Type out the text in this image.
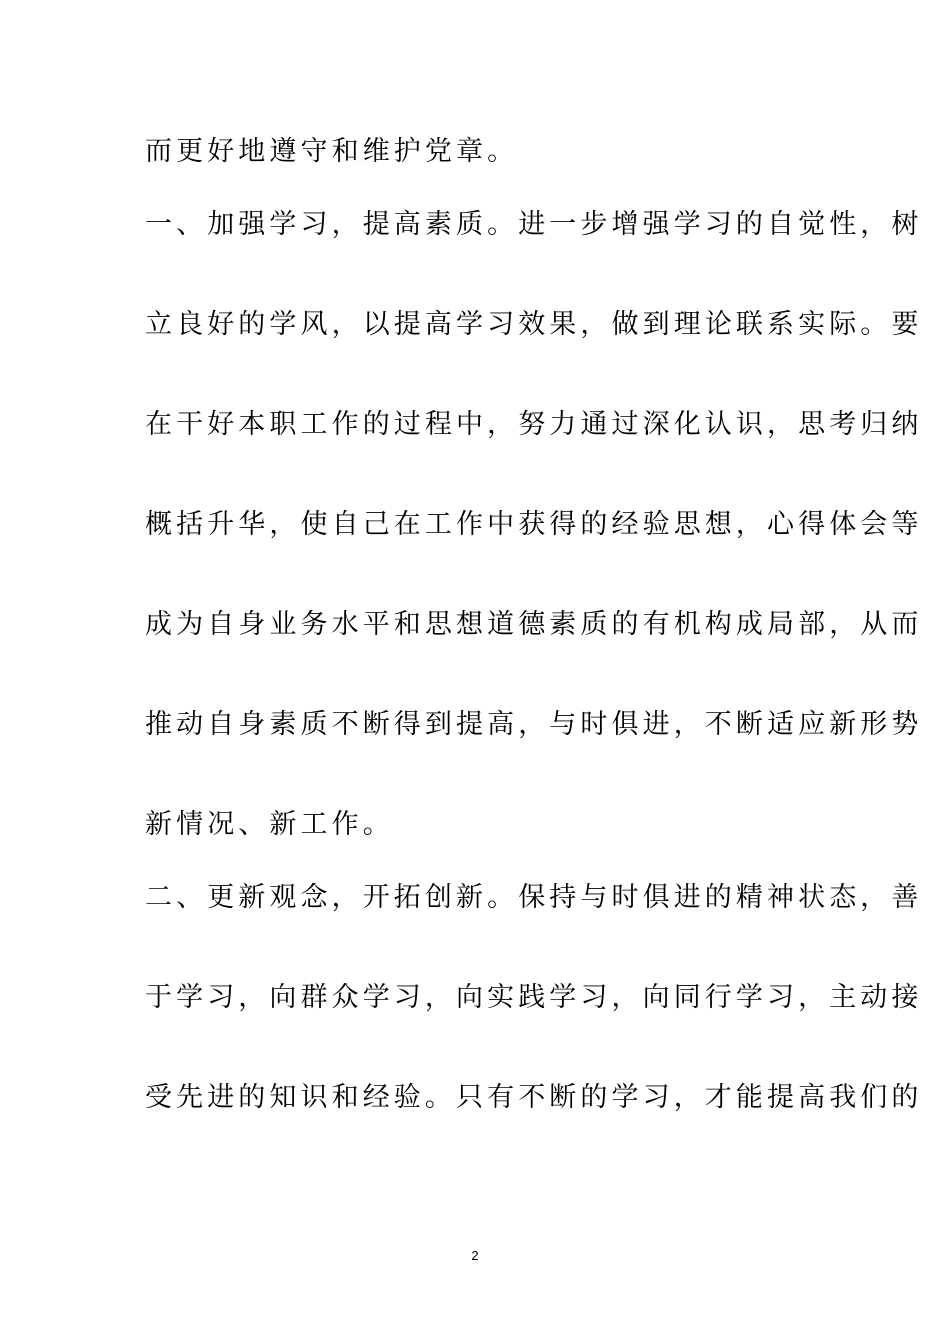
而更好地遵守和维护党章。
一、加强学习，提高素质。进一步增强学习的自觉性，树
立良好的学风，以提高学习效果，做到理论联系实际。要
在干好本职工作的过程中，努力通过深化认识，思考归纳
概括升华，使自己在工作中获得的经验思想，心得体会等
成为自身业务水平和思想道德素质的有机构成局部，从而
推动自身素质不断得到提高，与时俱进，不断适应新形势
新情况、新工作。
二、更新观念，开拓创新。保持与时俱进的精神状态，善
于学习，向群众学习，向实践学习，向同行学习，主动接
受先进的知识和经验。只有不断的学习，才能提高我们的
2
